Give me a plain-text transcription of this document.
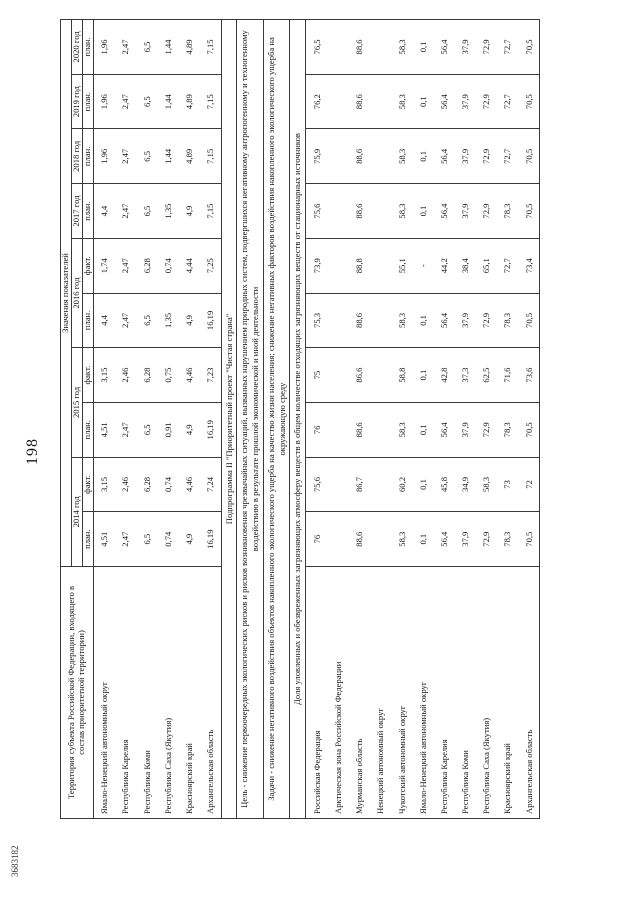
198
3683182
Территория субъекта Российской Федерации, входящего в состав приоритетной территории)	Значения показателей									
	2014 год		2015 год		2016 год		2017 год	2018 год	2019 год	2020 год
	план.	факт.	план.	факт.	план.	факт.	план.	план.	план.	план.
Ямало-Ненецкий автономный округ	4,51	3,15	4,51	3,15	4,4	1,74	4,4	1,96	1,96	1,96
Республика Карелия	2,47	2,46	2,47	2,46	2,47	2,47	2,47	2,47	2,47	2,47
Республика Коми	6,5	6,28	6,5	6,28	6,5	6,28	6,5	6,5	6,5	6,5
Республика Саха (Якутия)	0,74	0,74	0,91	0,75	1,35	0,74	1,35	1,44	1,44	1,44
Красноярский край	4,9	4,46	4,9	4,46	4,9	4,44	4,9	4,89	4,89	4,89
Архангельская область	16,19	7,24	16,19	7,23	16,19	7,25	7,15	7,15	7,15	7,15
Подпрограмма II "Приоритетный проект "Чистая страна"										
Цель - снижение первоочередных экологических рисков и рисков возникновения чрезвычайных ситуаций, вызванных нарушением природных систем, подвергшихся негативному антропогенному и техногенному воздействию в результате прошлой экономической и иной деятельности										
Задачи - снижение негативного воздействия объектов накопленного экологического ущерба на качество жизни населения; снижение негативных факторов воздействия накопленного экологического ущерба на окружающую среду										
Доля уловленных и обезвреженных загрязняющих атмосферу веществ в общем количестве отходящих загрязняющих веществ от стационарных источников										
Российская Федерация	76	75,6	76	75	75,3	73,9	75,6	75,9	76,2	76,5
Арктическая зона Российской Федерации										
Мурманская область	88,6	86,7	88,6	86,6	88,6	88,8	88,6	88,6	88,6	88,6
Ненецкий автономный округ										
Чукотский автономный округ	58,3	60,2	58,3	58,8	58,3	55,1	58,3	58,3	58,3	58,3
Ямало-Ненецкий автономный округ	0,1	0,1	0,1	0,1	0,1	-	0,1	0,1	0,1	0,1
Республика Карелия	56,4	45,8	56,4	42,8	56,4	44,2	56,4	56,4	56,4	56,4
Республика Коми	37,9	34,9	37,9	37,3	37,9	38,4	37,9	37,9	37,9	37,9
Республика Саха (Якутия)	72,9	58,3	72,9	62,5	72,9	65,1	72,9	72,9	72,9	72,9
Красноярский край	78,3	73	78,3	71,6	78,3	72,7	78,3	72,7	72,7	72,7
Архангельская область	70,5	72	70,5	73,6	70,5	73,4	70,5	70,5	70,5	70,5
